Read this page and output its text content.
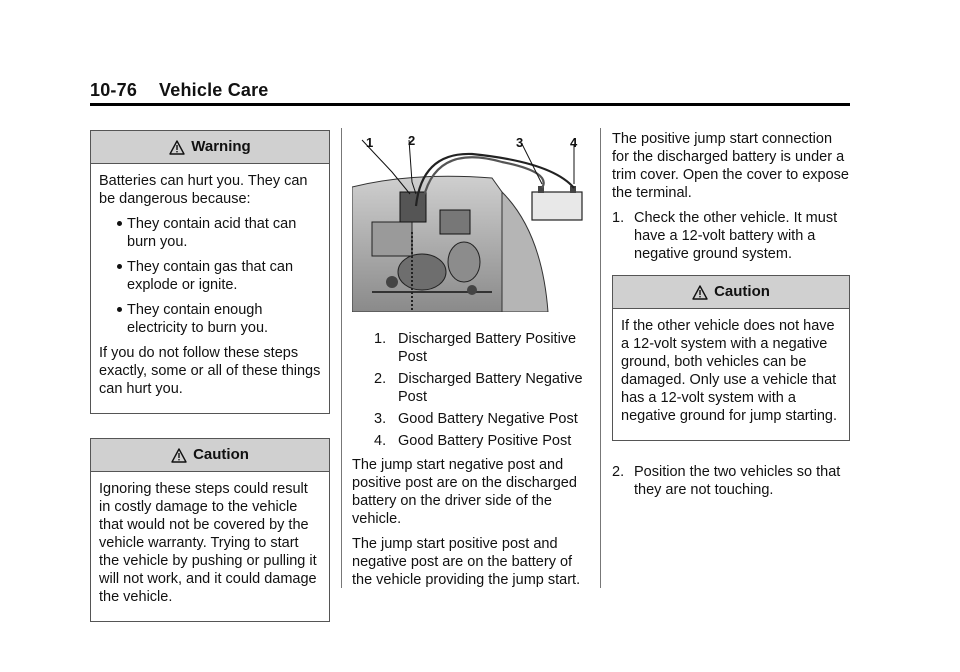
10-76 Vehicle Care
Warning

Batteries can hurt you. They can be dangerous because:

They contain acid that can burn you.
They contain gas that can explode or ignite.
They contain enough electricity to burn you.

If you do not follow these steps exactly, some or all of these things can hurt you.

Caution

Ignoring these steps could result in costly damage to the vehicle that would not be covered by the vehicle warranty. Trying to start the vehicle by pushing or pulling it will not work, and it could damage the vehicle.

1	2	3	4
1. Discharged Battery Positive Post
2. Discharged Battery Negative Post
3. Good Battery Negative Post
4. Good Battery Positive Post

The jump start negative post and positive post are on the discharged battery on the driver side of the vehicle.

The jump start positive post and negative post are on the battery of the vehicle providing the jump start.

The positive jump start connection for the discharged battery is under a trim cover. Open the cover to expose the terminal.

1. Check the other vehicle. It must have a 12-volt battery with a negative ground system.
Caution

If the other vehicle does not have a 12-volt system with a negative ground, both vehicles can be damaged. Only use a vehicle that has a 12-volt system with a negative ground for jump starting.

2. Position the two vehicles so that they are not touching.
